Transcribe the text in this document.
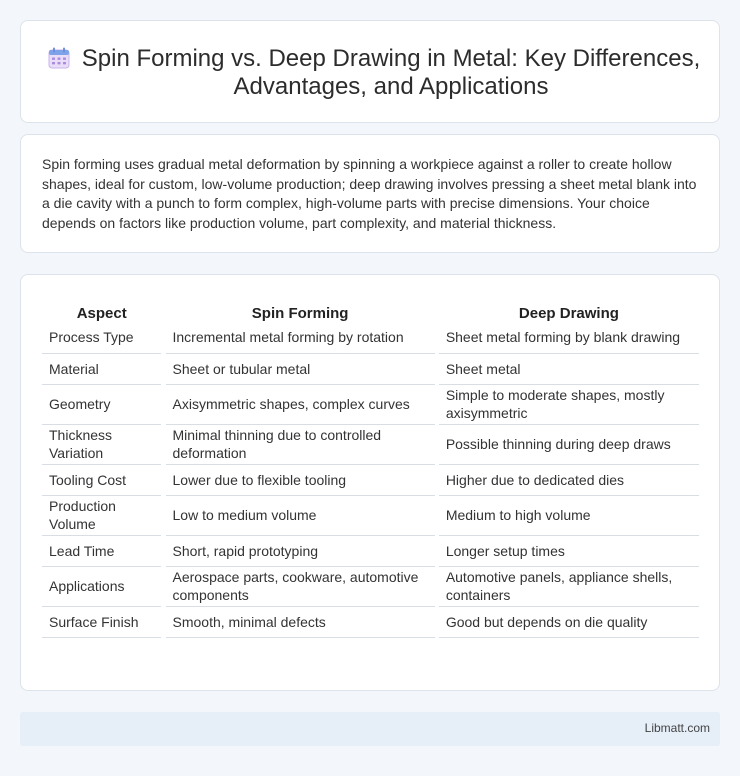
Spin Forming vs. Deep Drawing in Metal: Key Differences, Advantages, and Applications

Spin forming uses gradual metal deformation by spinning a workpiece against a roller to create hollow shapes, ideal for custom, low-volume production; deep drawing involves pressing a sheet metal blank into a die cavity with a punch to form complex, high-volume parts with precise dimensions. Your choice depends on factors like production volume, part complexity, and material thickness.

Aspect		Spin Forming		Deep Drawing
Process Type		Incremental metal forming by rotation		Sheet metal forming by blank drawing
Material		Sheet or tubular metal		Sheet metal
Geometry		Axisymmetric shapes, complex curves		Simple to moderate shapes, mostly axisymmetric
Thickness Variation		Minimal thinning due to controlled deformation		Possible thinning during deep draws
Tooling Cost		Lower due to flexible tooling		Higher due to dedicated dies
Production Volume		Low to medium volume		Medium to high volume
Lead Time		Short, rapid prototyping		Longer setup times
Applications		Aerospace parts, cookware, automotive components		Automotive panels, appliance shells, containers
Surface Finish		Smooth, minimal defects		Good but depends on die quality
Libmatt.com
